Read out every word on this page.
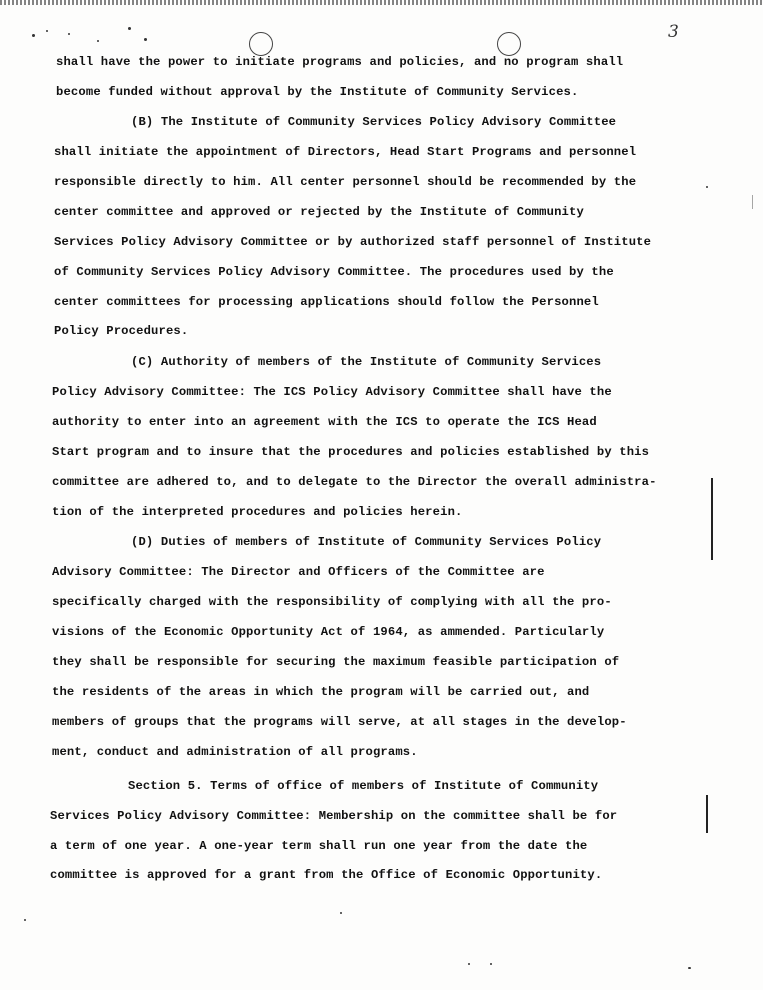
3
shall have the power to initiate programs and policies, and no program shall
become funded without approval by the Institute of Community Services.
(B) The Institute of Community Services Policy Advisory Committee
shall initiate the appointment of Directors, Head Start Programs and personnel
responsible directly to him. All center personnel should be recommended by the
center committee and approved or rejected by the Institute of Community
Services Policy Advisory Committee or by authorized staff personnel of Institute
of Community Services Policy Advisory Committee. The procedures used by the
center committees for processing applications should follow the Personnel
Policy Procedures.
(C) Authority of members of the Institute of Community Services
Policy Advisory Committee: The ICS Policy Advisory Committee shall have the
authority to enter into an agreement with the ICS to operate the ICS Head
Start program and to insure that the procedures and policies established by this
committee are adhered to, and to delegate to the Director the overall administra-
tion of the interpreted procedures and policies herein.
(D) Duties of members of Institute of Community Services Policy
Advisory Committee: The Director and Officers of the Committee are
specifically charged with the responsibility of complying with all the pro-
visions of the Economic Opportunity Act of 1964, as ammended. Particularly
they shall be responsible for securing the maximum feasible participation of
the residents of the areas in which the program will be carried out, and
members of groups that the programs will serve, at all stages in the develop-
ment, conduct and administration of all programs.
Section 5. Terms of office of members of Institute of Community
Services Policy Advisory Committee: Membership on the committee shall be for
a term of one year. A one-year term shall run one year from the date the
committee is approved for a grant from the Office of Economic Opportunity.
